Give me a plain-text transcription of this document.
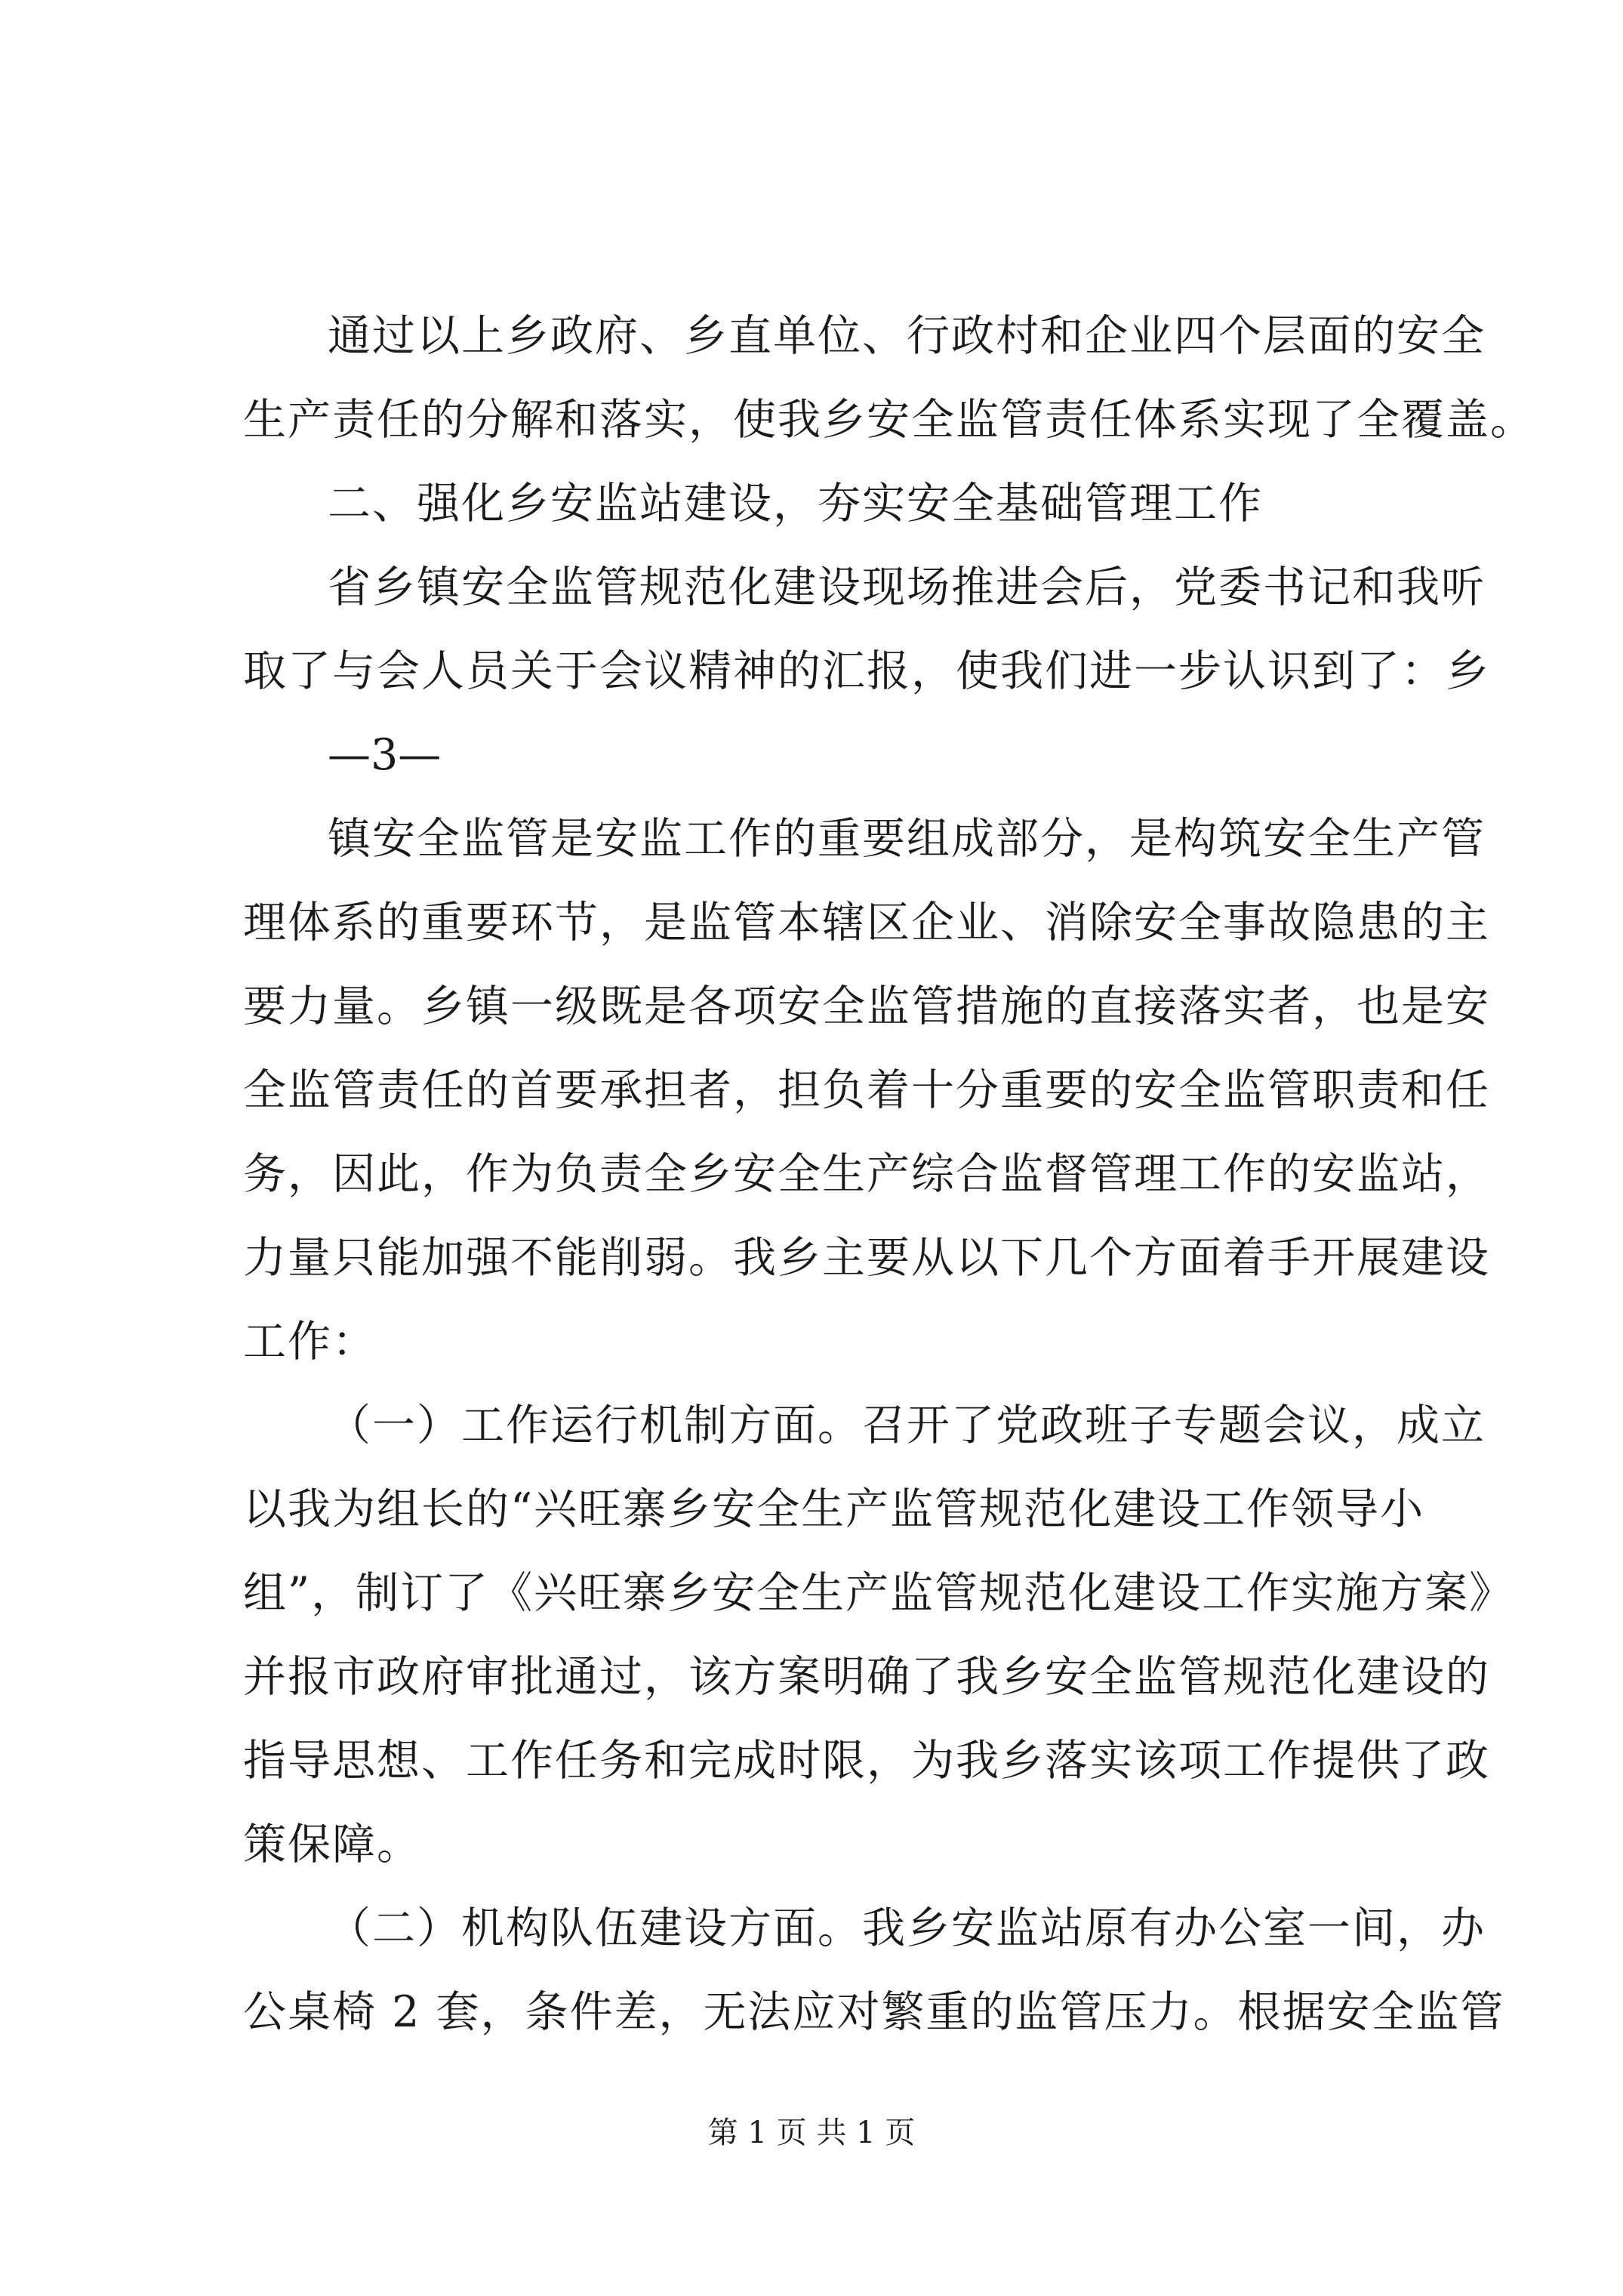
通过以上乡政府、乡直单位、行政村和企业四个层面的安全
生产责任的分解和落实，使我乡安全监管责任体系实现了全覆盖。
二、强化乡安监站建设，夯实安全基础管理工作
省乡镇安全监管规范化建设现场推进会后，党委书记和我听
取了与会人员关于会议精神的汇报，使我们进一步认识到了：乡
—3—
镇安全监管是安监工作的重要组成部分，是构筑安全生产管
理体系的重要环节，是监管本辖区企业、消除安全事故隐患的主
要力量。乡镇一级既是各项安全监管措施的直接落实者，也是安
全监管责任的首要承担者，担负着十分重要的安全监管职责和任
务，因此，作为负责全乡安全生产综合监督管理工作的安监站，
力量只能加强不能削弱。我乡主要从以下几个方面着手开展建设
工作：
（一）工作运行机制方面。召开了党政班子专题会议，成立
以我为组长的“兴旺寨乡安全生产监管规范化建设工作领导小
组”，制订了《兴旺寨乡安全生产监管规范化建设工作实施方案》
并报市政府审批通过，该方案明确了我乡安全监管规范化建设的
指导思想、工作任务和完成时限，为我乡落实该项工作提供了政
策保障。
（二）机构队伍建设方面。我乡安监站原有办公室一间，办
公桌椅 2 套，条件差，无法应对繁重的监管压力。根据安全监管
第 1 页 共 1 页
